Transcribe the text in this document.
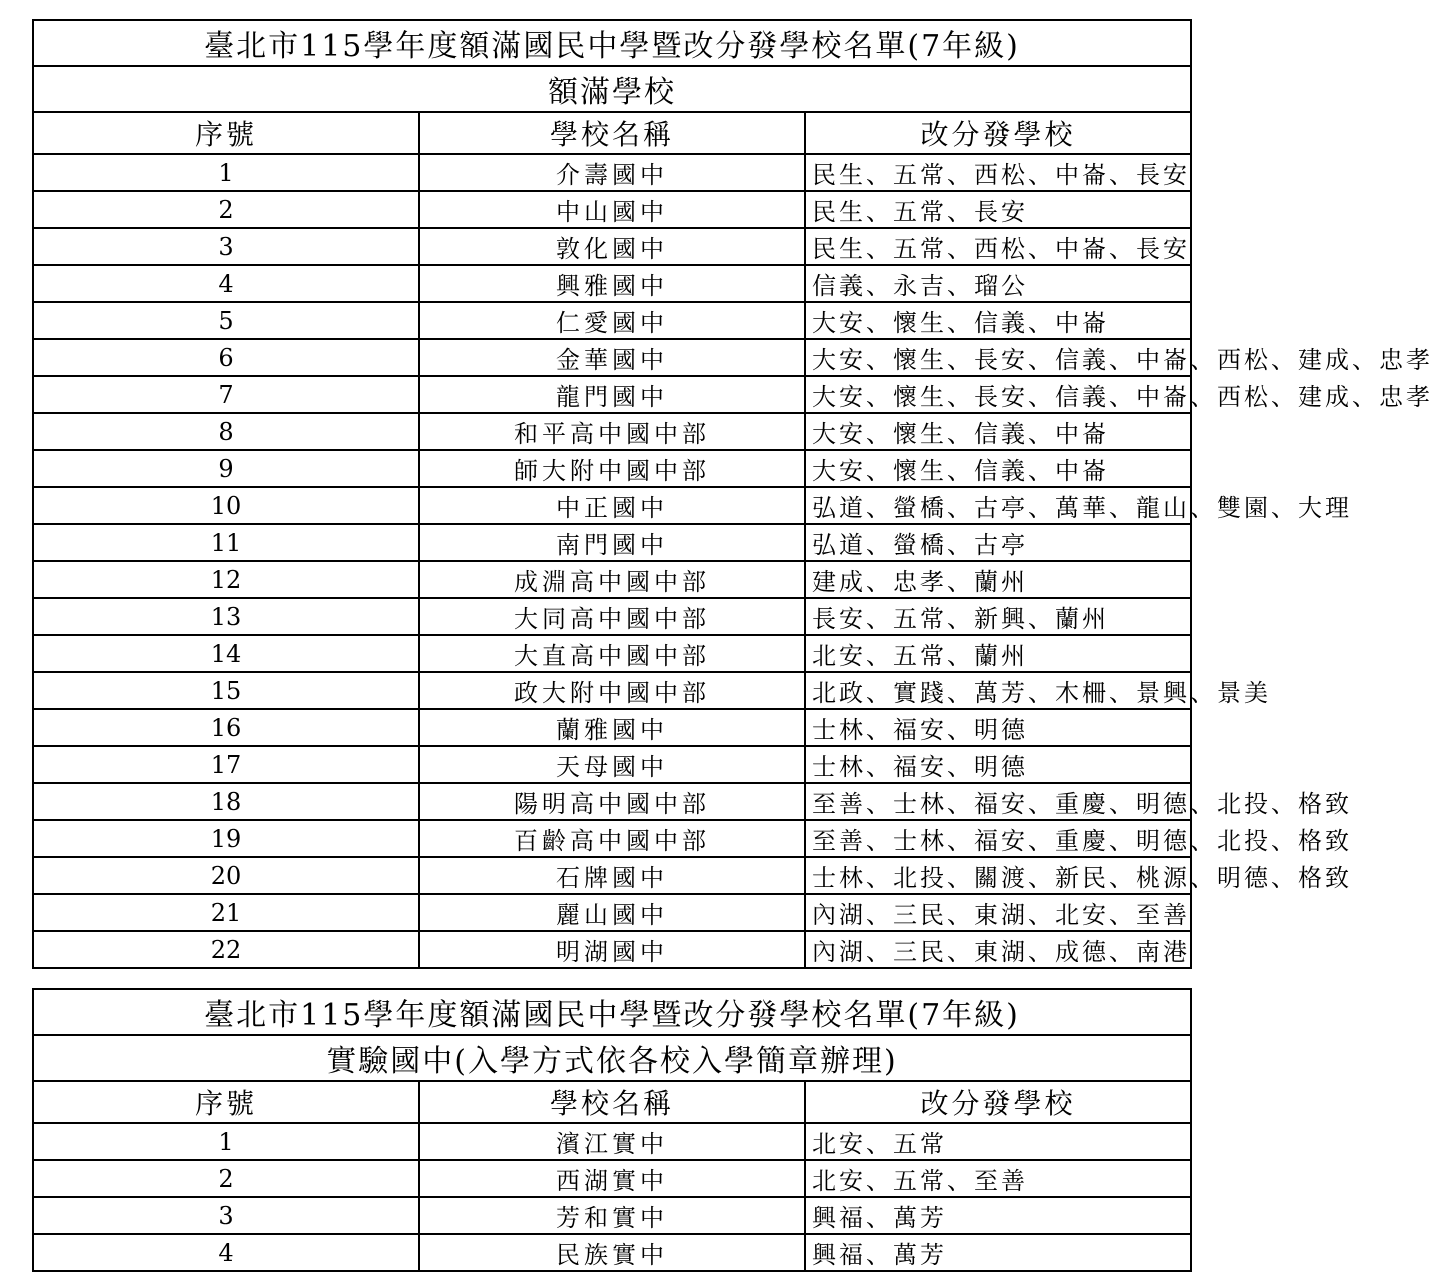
臺北市115學年度額滿國民中學暨改分發學校名單(7年級)		
額滿學校		
序號	學校名稱	改分發學校
1	介壽國中	民生、五常、西松、中崙、長安
2	中山國中	民生、五常、長安
3	敦化國中	民生、五常、西松、中崙、長安
4	興雅國中	信義、永吉、瑠公
5	仁愛國中	大安、懷生、信義、中崙
6	金華國中	大安、懷生、長安、信義、中崙、西松、建成、忠孝
7	龍門國中	大安、懷生、長安、信義、中崙、西松、建成、忠孝
8	和平高中國中部	大安、懷生、信義、中崙
9	師大附中國中部	大安、懷生、信義、中崙
10	中正國中	弘道、螢橋、古亭、萬華、龍山、雙園、大理
11	南門國中	弘道、螢橋、古亭
12	成淵高中國中部	建成、忠孝、蘭州
13	大同高中國中部	長安、五常、新興、蘭州
14	大直高中國中部	北安、五常、蘭州
15	政大附中國中部	北政、實踐、萬芳、木柵、景興、景美
16	蘭雅國中	士林、福安、明德
17	天母國中	士林、福安、明德
18	陽明高中國中部	至善、士林、福安、重慶、明德、北投、格致
19	百齡高中國中部	至善、士林、福安、重慶、明德、北投、格致
20	石牌國中	士林、北投、關渡、新民、桃源、明德、格致
21	麗山國中	內湖、三民、東湖、北安、至善
22	明湖國中	內湖、三民、東湖、成德、南港
臺北市115學年度額滿國民中學暨改分發學校名單(7年級)		
實驗國中(入學方式依各校入學簡章辦理)		
序號	學校名稱	改分發學校
1	濱江實中	北安、五常
2	西湖實中	北安、五常、至善
3	芳和實中	興福、萬芳
4	民族實中	興福、萬芳
